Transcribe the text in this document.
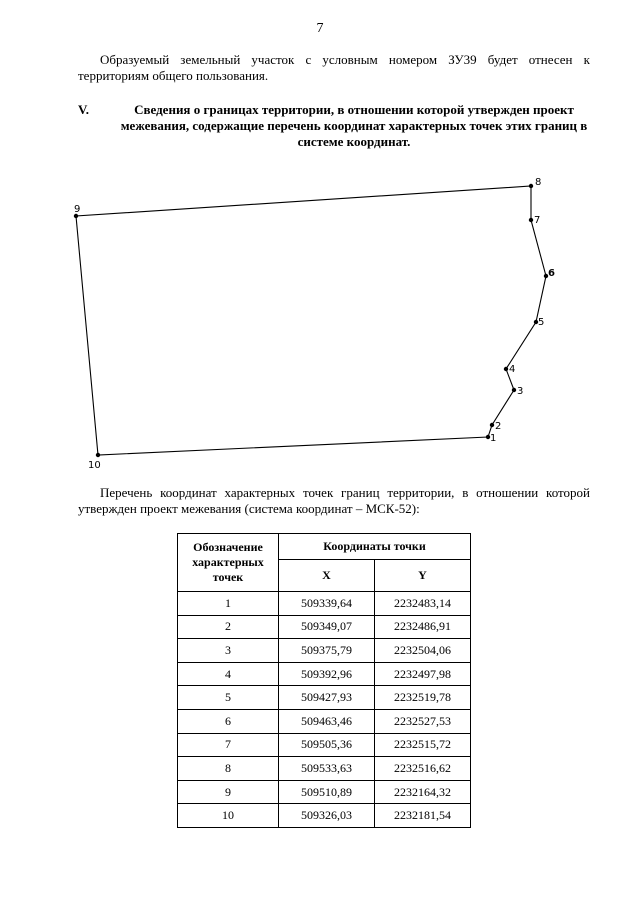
7
Образуемый земельный участок с условным номером ЗУ39 будет отнесен к территориям общего пользования.
V.	Сведения о границах территории, в отношении которой утвержден проект межевания, содержащие перечень координат характерных точек этих границ в системе координат.
1
2
3
4
5
6
7
8
9
10
Перечень координат характерных точек границ территории, в отношении которой утвержден проект межевания (система координат – МСК-52):
Обозначение характерных точек	Координаты точки	
	X	Y
1	509339,64	2232483,14
2	509349,07	2232486,91
3	509375,79	2232504,06
4	509392,96	2232497,98
5	509427,93	2232519,78
6	509463,46	2232527,53
7	509505,36	2232515,72
8	509533,63	2232516,62
9	509510,89	2232164,32
10	509326,03	2232181,54
